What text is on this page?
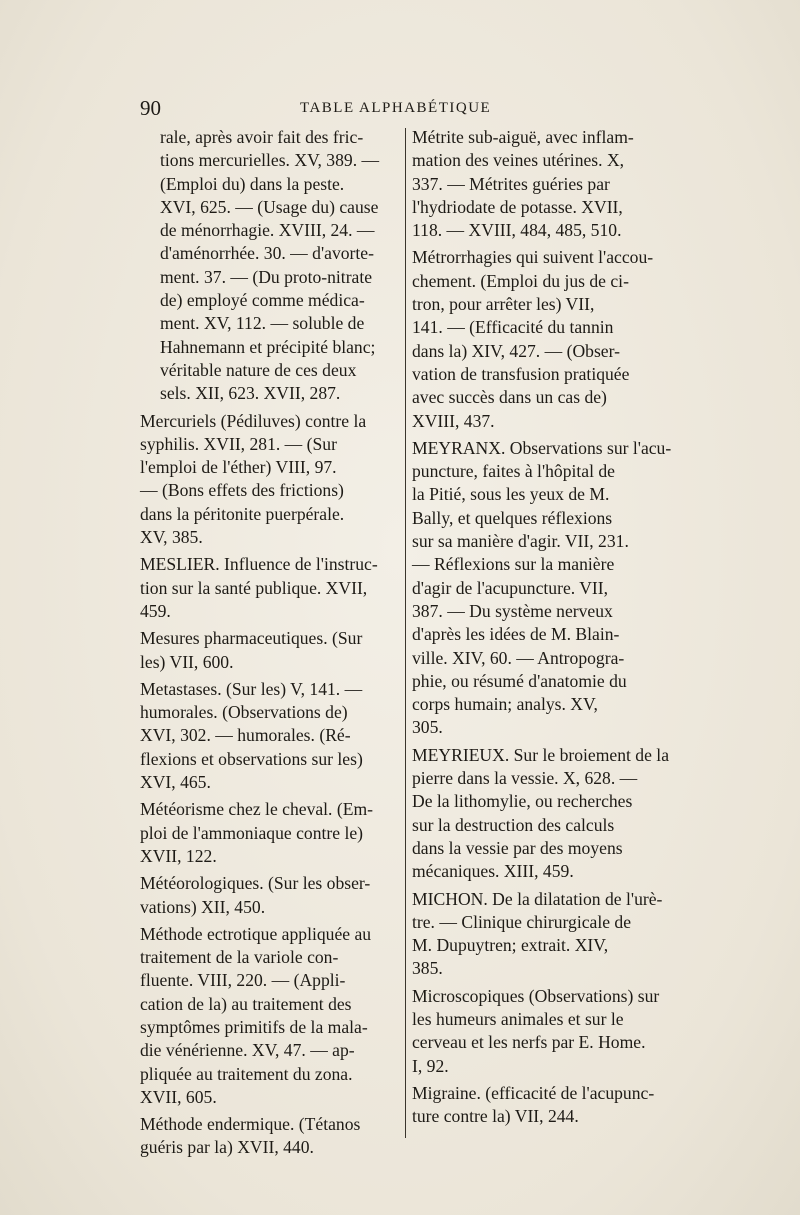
90	TABLE ALPHABÉTIQUE
rale, après avoir fait des fric-
tions mercurielles. XV, 389. —
(Emploi du) dans la peste.
XVI, 625. — (Usage du) cause
de ménorrhagie. XVIII, 24. —
d'aménorrhée. 30. — d'avorte-
ment. 37. — (Du proto-nitrate
de) employé comme médica-
ment. XV, 112. — soluble de
Hahnemann et précipité blanc;
véritable nature de ces deux
sels. XII, 623. XVII, 287.
Mercuriels (Pédiluves) contre la
syphilis. XVII, 281. — (Sur
l'emploi de l'éther) VIII, 97.
— (Bons effets des frictions)
dans la péritonite puerpérale.
XV, 385.
MESLIER. Influence de l'instruc-
tion sur la santé publique. XVII,
459.
Mesures pharmaceutiques. (Sur
les) VII, 600.
Metastases. (Sur les) V, 141. —
humorales. (Observations de)
XVI, 302. — humorales. (Ré-
flexions et observations sur les)
XVI, 465.
Météorisme chez le cheval. (Em-
ploi de l'ammoniaque contre le)
XVII, 122.
Météorologiques. (Sur les obser-
vations) XII, 450.
Méthode ectrotique appliquée au
traitement de la variole con-
fluente. VIII, 220. — (Appli-
cation de la) au traitement des
symptômes primitifs de la mala-
die vénérienne. XV, 47. — ap-
pliquée au traitement du zona.
XVII, 605.
Méthode endermique. (Tétanos
guéris par la) XVII, 440.
Métrite sub-aiguë, avec inflam-
mation des veines utérines. X,
337. — Métrites guéries par
l'hydriodate de potasse. XVII,
118. — XVIII, 484, 485, 510.
Métrorrhagies qui suivent l'accou-
chement. (Emploi du jus de ci-
tron, pour arrêter les) VII,
141. — (Efficacité du tannin
dans la) XIV, 427. — (Obser-
vation de transfusion pratiquée
avec succès dans un cas de)
XVIII, 437.
MEYRANX. Observations sur l'acu-
puncture, faites à l'hôpital de
la Pitié, sous les yeux de M.
Bally, et quelques réflexions
sur sa manière d'agir. VII, 231.
— Réflexions sur la manière
d'agir de l'acupuncture. VII,
387. — Du système nerveux
d'après les idées de M. Blain-
ville. XIV, 60. — Antropogra-
phie, ou résumé d'anatomie du
corps humain; analys. XV,
305.
MEYRIEUX. Sur le broiement de la
pierre dans la vessie. X, 628. —
De la lithomylie, ou recherches
sur la destruction des calculs
dans la vessie par des moyens
mécaniques. XIII, 459.
MICHON. De la dilatation de l'urè-
tre. — Clinique chirurgicale de
M. Dupuytren; extrait. XIV,
385.
Microscopiques (Observations) sur
les humeurs animales et sur le
cerveau et les nerfs par E. Home.
I, 92.
Migraine. (efficacité de l'acupunc-
ture contre la) VII, 244.
